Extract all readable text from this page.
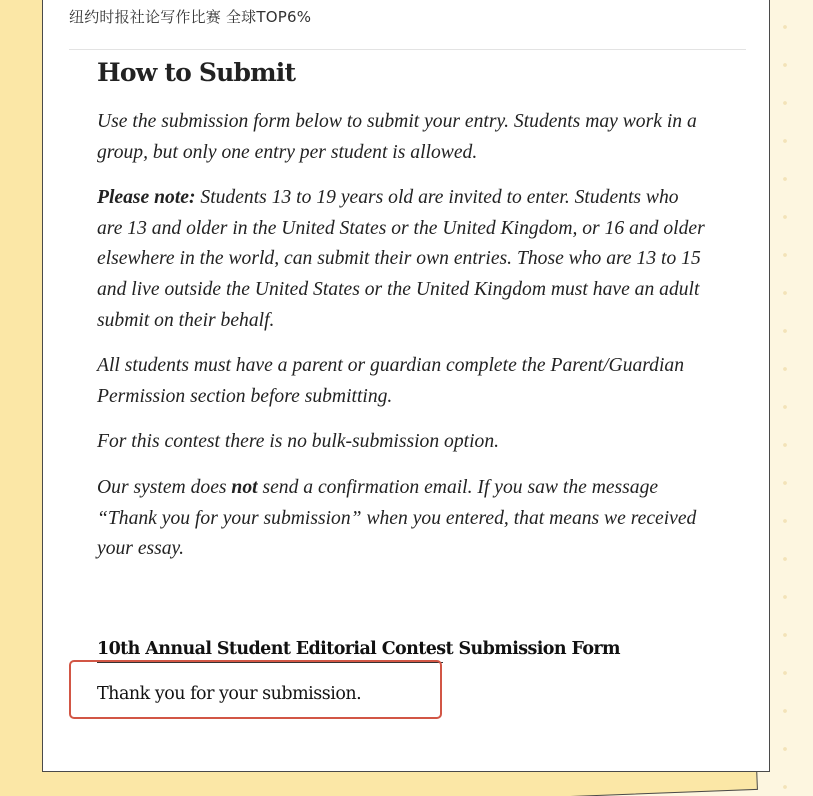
纽约时报社论写作比赛 全球TOP6%
How to Submit

Use the submission form below to submit your entry. Students may work in a group, but only one entry per student is allowed.

Please note: Students 13 to 19 years old are invited to enter. Students who are 13 and older in the United States or the United Kingdom, or 16 and older elsewhere in the world, can submit their own entries. Those who are 13 to 15 and live outside the United States or the United Kingdom must have an adult submit on their behalf.

All students must have a parent or guardian complete the Parent/Guardian Permission section before submitting.

For this contest there is no bulk-submission option.

Our system does not send a confirmation email. If you saw the message “Thank you for your submission” when you entered, that means we received your essay.

10th Annual Student Editorial Contest Submission Form
Thank you for your submission.
